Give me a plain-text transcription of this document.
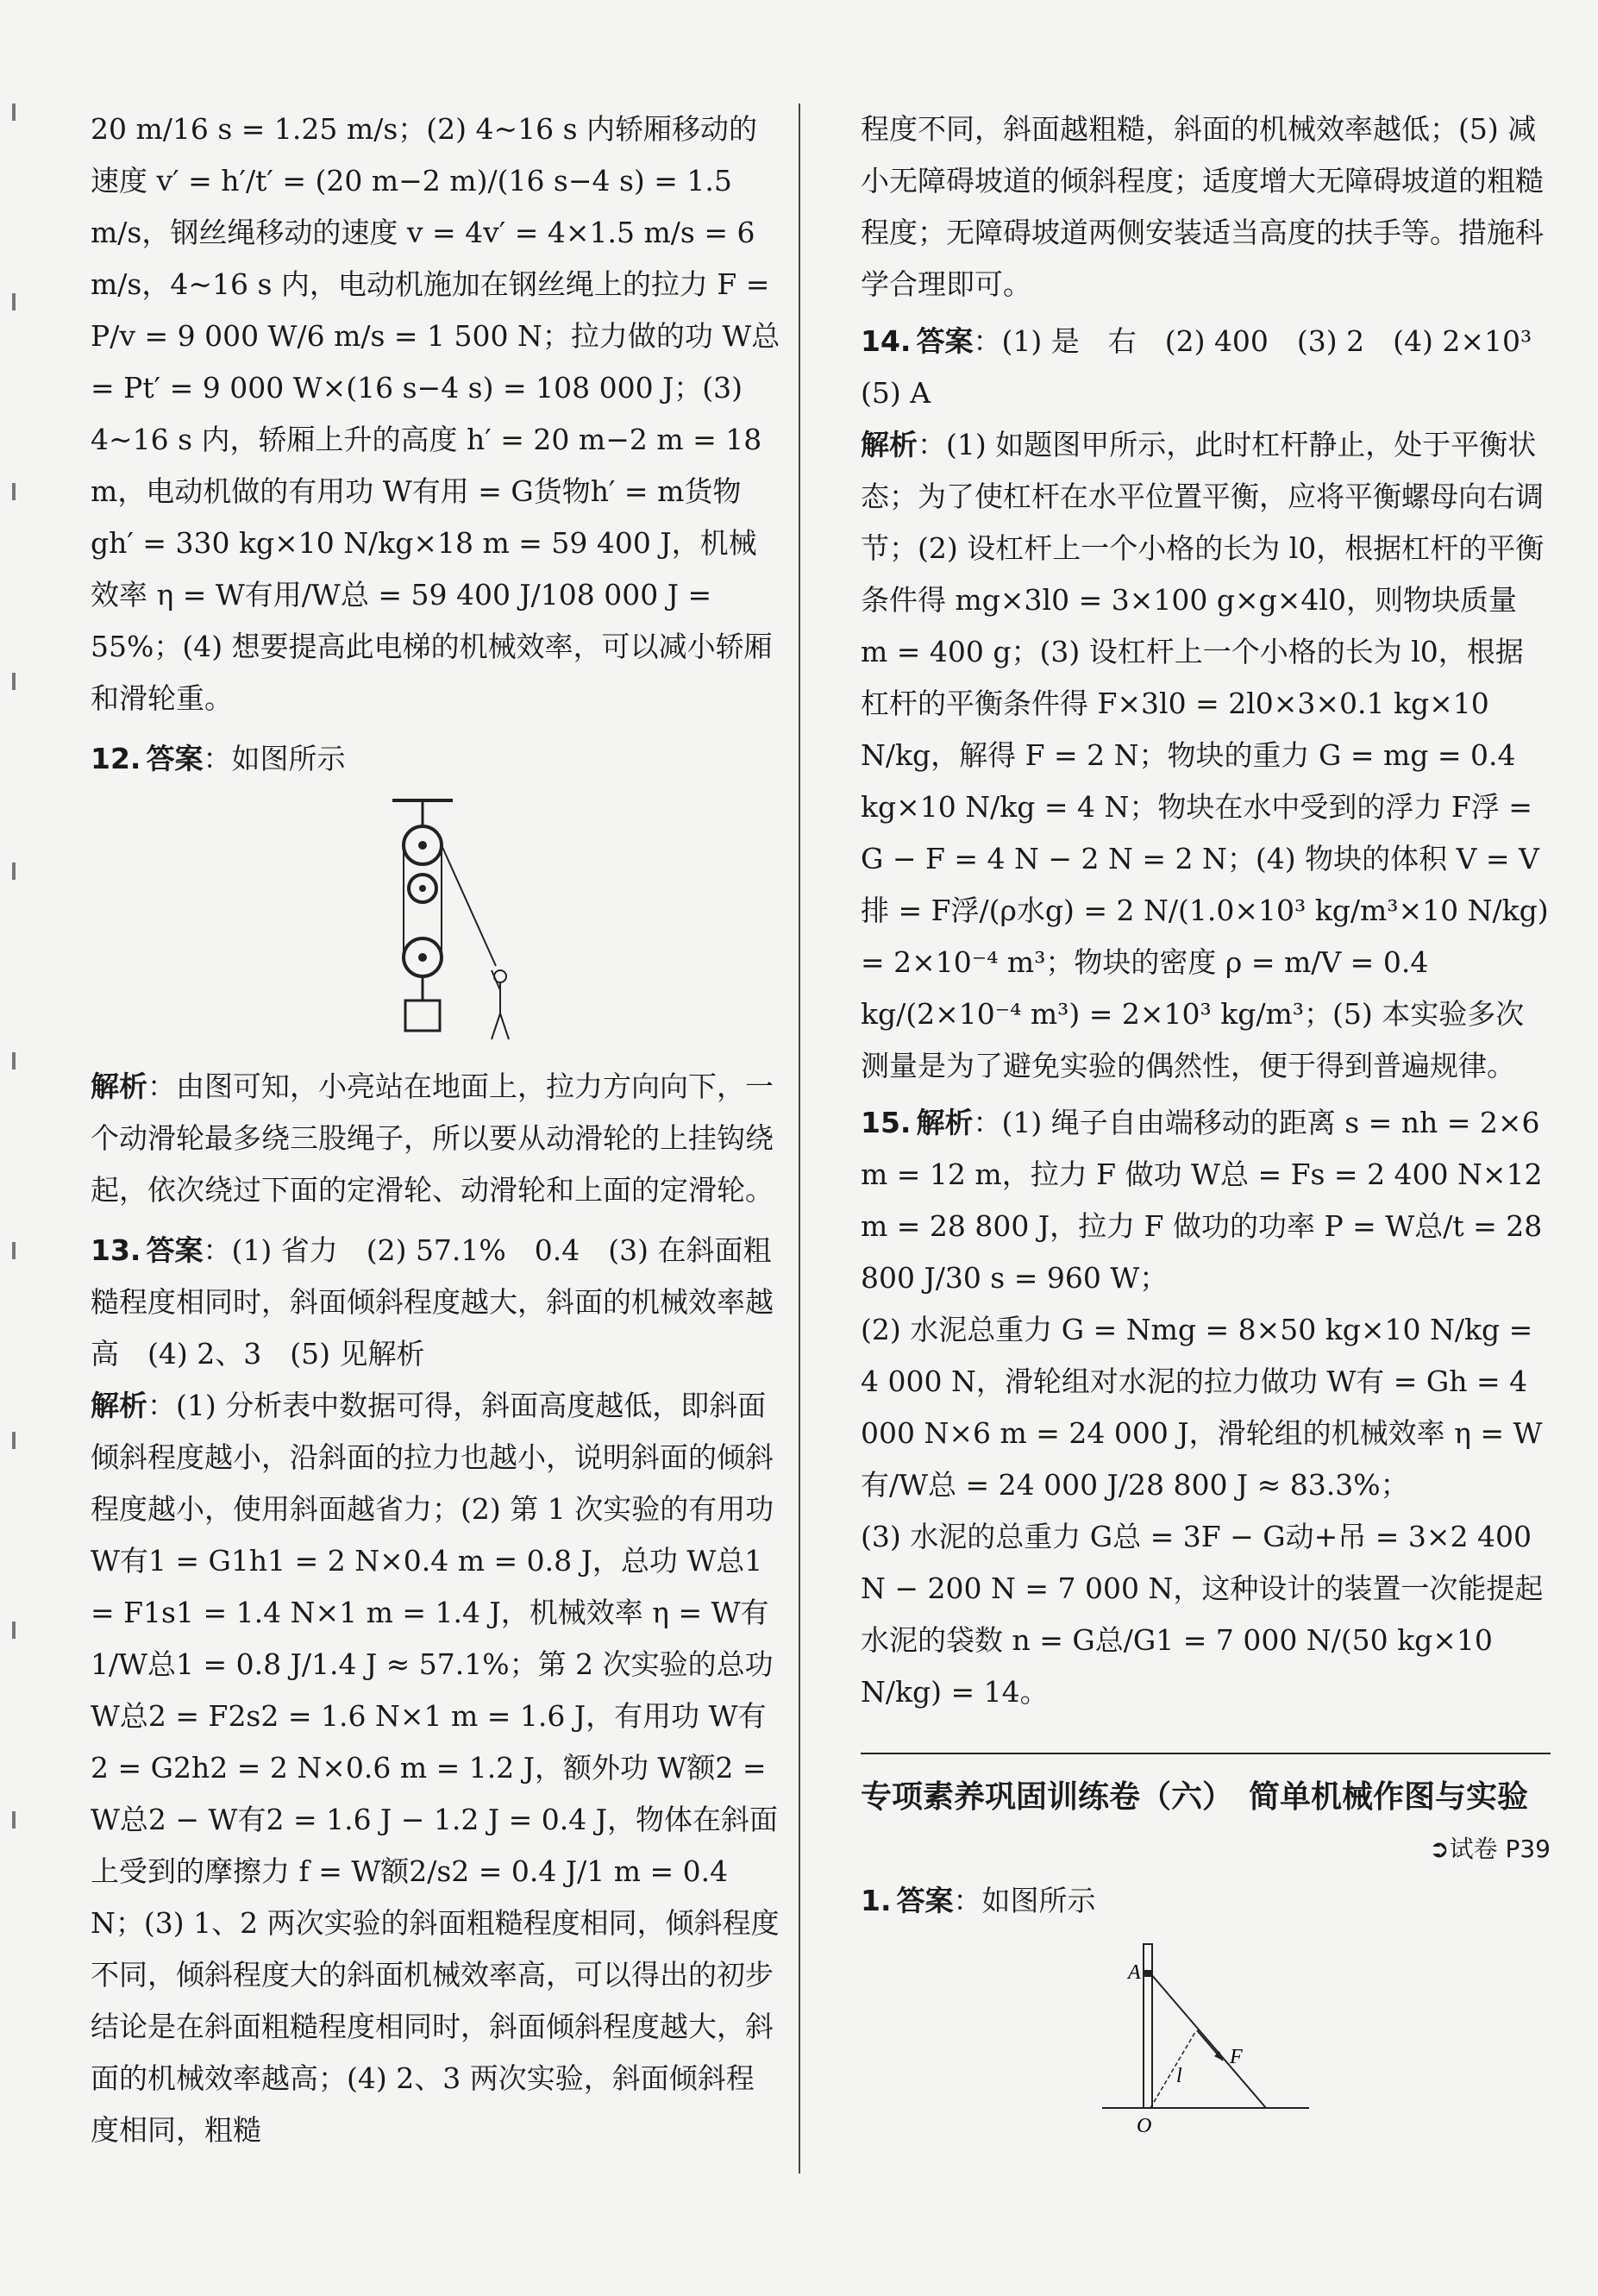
20 m/16 s = 1.25 m/s；(2) 4~16 s 内轿厢移动的速度 v′ = h′/t′ = (20 m−2 m)/(16 s−4 s) = 1.5 m/s，钢丝绳移动的速度 v = 4v′ = 4×1.5 m/s = 6 m/s，4~16 s 内，电动机施加在钢丝绳上的拉力 F = P/v = 9 000 W/6 m/s = 1 500 N；拉力做的功 W总 = Pt′ = 9 000 W×(16 s−4 s) = 108 000 J；(3) 4~16 s 内，轿厢上升的高度 h′ = 20 m−2 m = 18 m，电动机做的有用功 W有用 = G货物h′ = m货物gh′ = 330 kg×10 N/kg×18 m = 59 400 J，机械效率 η = W有用/W总 = 59 400 J/108 000 J = 55%；(4) 想要提高此电梯的机械效率，可以减小轿厢和滑轮重。

12. 答案：如图所示

解析：由图可知，小亮站在地面上，拉力方向向下，一个动滑轮最多绕三股绳子，所以要从动滑轮的上挂钩绕起，依次绕过下面的定滑轮、动滑轮和上面的定滑轮。

13. 答案：(1) 省力　(2) 57.1%　0.4　(3) 在斜面粗糙程度相同时，斜面倾斜程度越大，斜面的机械效率越高　(4) 2、3　(5) 见解析

解析：(1) 分析表中数据可得，斜面高度越低，即斜面倾斜程度越小，沿斜面的拉力也越小，说明斜面的倾斜程度越小，使用斜面越省力；(2) 第 1 次实验的有用功 W有1 = G1h1 = 2 N×0.4 m = 0.8 J，总功 W总1 = F1s1 = 1.4 N×1 m = 1.4 J，机械效率 η = W有1/W总1 = 0.8 J/1.4 J ≈ 57.1%；第 2 次实验的总功 W总2 = F2s2 = 1.6 N×1 m = 1.6 J，有用功 W有2 = G2h2 = 2 N×0.6 m = 1.2 J，额外功 W额2 = W总2 − W有2 = 1.6 J − 1.2 J = 0.4 J，物体在斜面上受到的摩擦力 f = W额2/s2 = 0.4 J/1 m = 0.4 N；(3) 1、2 两次实验的斜面粗糙程度相同，倾斜程度不同，倾斜程度大的斜面机械效率高，可以得出的初步结论是在斜面粗糙程度相同时，斜面倾斜程度越大，斜面的机械效率越高；(4) 2、3 两次实验，斜面倾斜程度相同，粗糙

程度不同，斜面越粗糙，斜面的机械效率越低；(5) 减小无障碍坡道的倾斜程度；适度增大无障碍坡道的粗糙程度；无障碍坡道两侧安装适当高度的扶手等。措施科学合理即可。

14. 答案：(1) 是　右　(2) 400　(3) 2　(4) 2×10³　(5) A

解析：(1) 如题图甲所示，此时杠杆静止，处于平衡状态；为了使杠杆在水平位置平衡，应将平衡螺母向右调节；(2) 设杠杆上一个小格的长为 l0，根据杠杆的平衡条件得 mg×3l0 = 3×100 g×g×4l0，则物块质量 m = 400 g；(3) 设杠杆上一个小格的长为 l0，根据杠杆的平衡条件得 F×3l0 = 2l0×3×0.1 kg×10 N/kg，解得 F = 2 N；物块的重力 G = mg = 0.4 kg×10 N/kg = 4 N；物块在水中受到的浮力 F浮 = G − F = 4 N − 2 N = 2 N；(4) 物块的体积 V = V排 = F浮/(ρ水g) = 2 N/(1.0×10³ kg/m³×10 N/kg) = 2×10⁻⁴ m³；物块的密度 ρ = m/V = 0.4 kg/(2×10⁻⁴ m³) = 2×10³ kg/m³；(5) 本实验多次测量是为了避免实验的偶然性，便于得到普遍规律。

15. 解析：(1) 绳子自由端移动的距离 s = nh = 2×6 m = 12 m，拉力 F 做功 W总 = Fs = 2 400 N×12 m = 28 800 J，拉力 F 做功的功率 P = W总/t = 28 800 J/30 s = 960 W；

(2) 水泥总重力 G = Nmg = 8×50 kg×10 N/kg = 4 000 N，滑轮组对水泥的拉力做功 W有 = Gh = 4 000 N×6 m = 24 000 J，滑轮组的机械效率 η = W有/W总 = 24 000 J/28 800 J ≈ 83.3%；

(3) 水泥的总重力 G总 = 3F − G动+吊 = 3×2 400 N − 200 N = 7 000 N，这种设计的装置一次能提起水泥的袋数 n = G总/G1 = 7 000 N/(50 kg×10 N/kg) = 14。

专项素养巩固训练卷（六）　简单机械作图与实验
➲试卷 P39

1. 答案：如图所示

A
O
F
l
